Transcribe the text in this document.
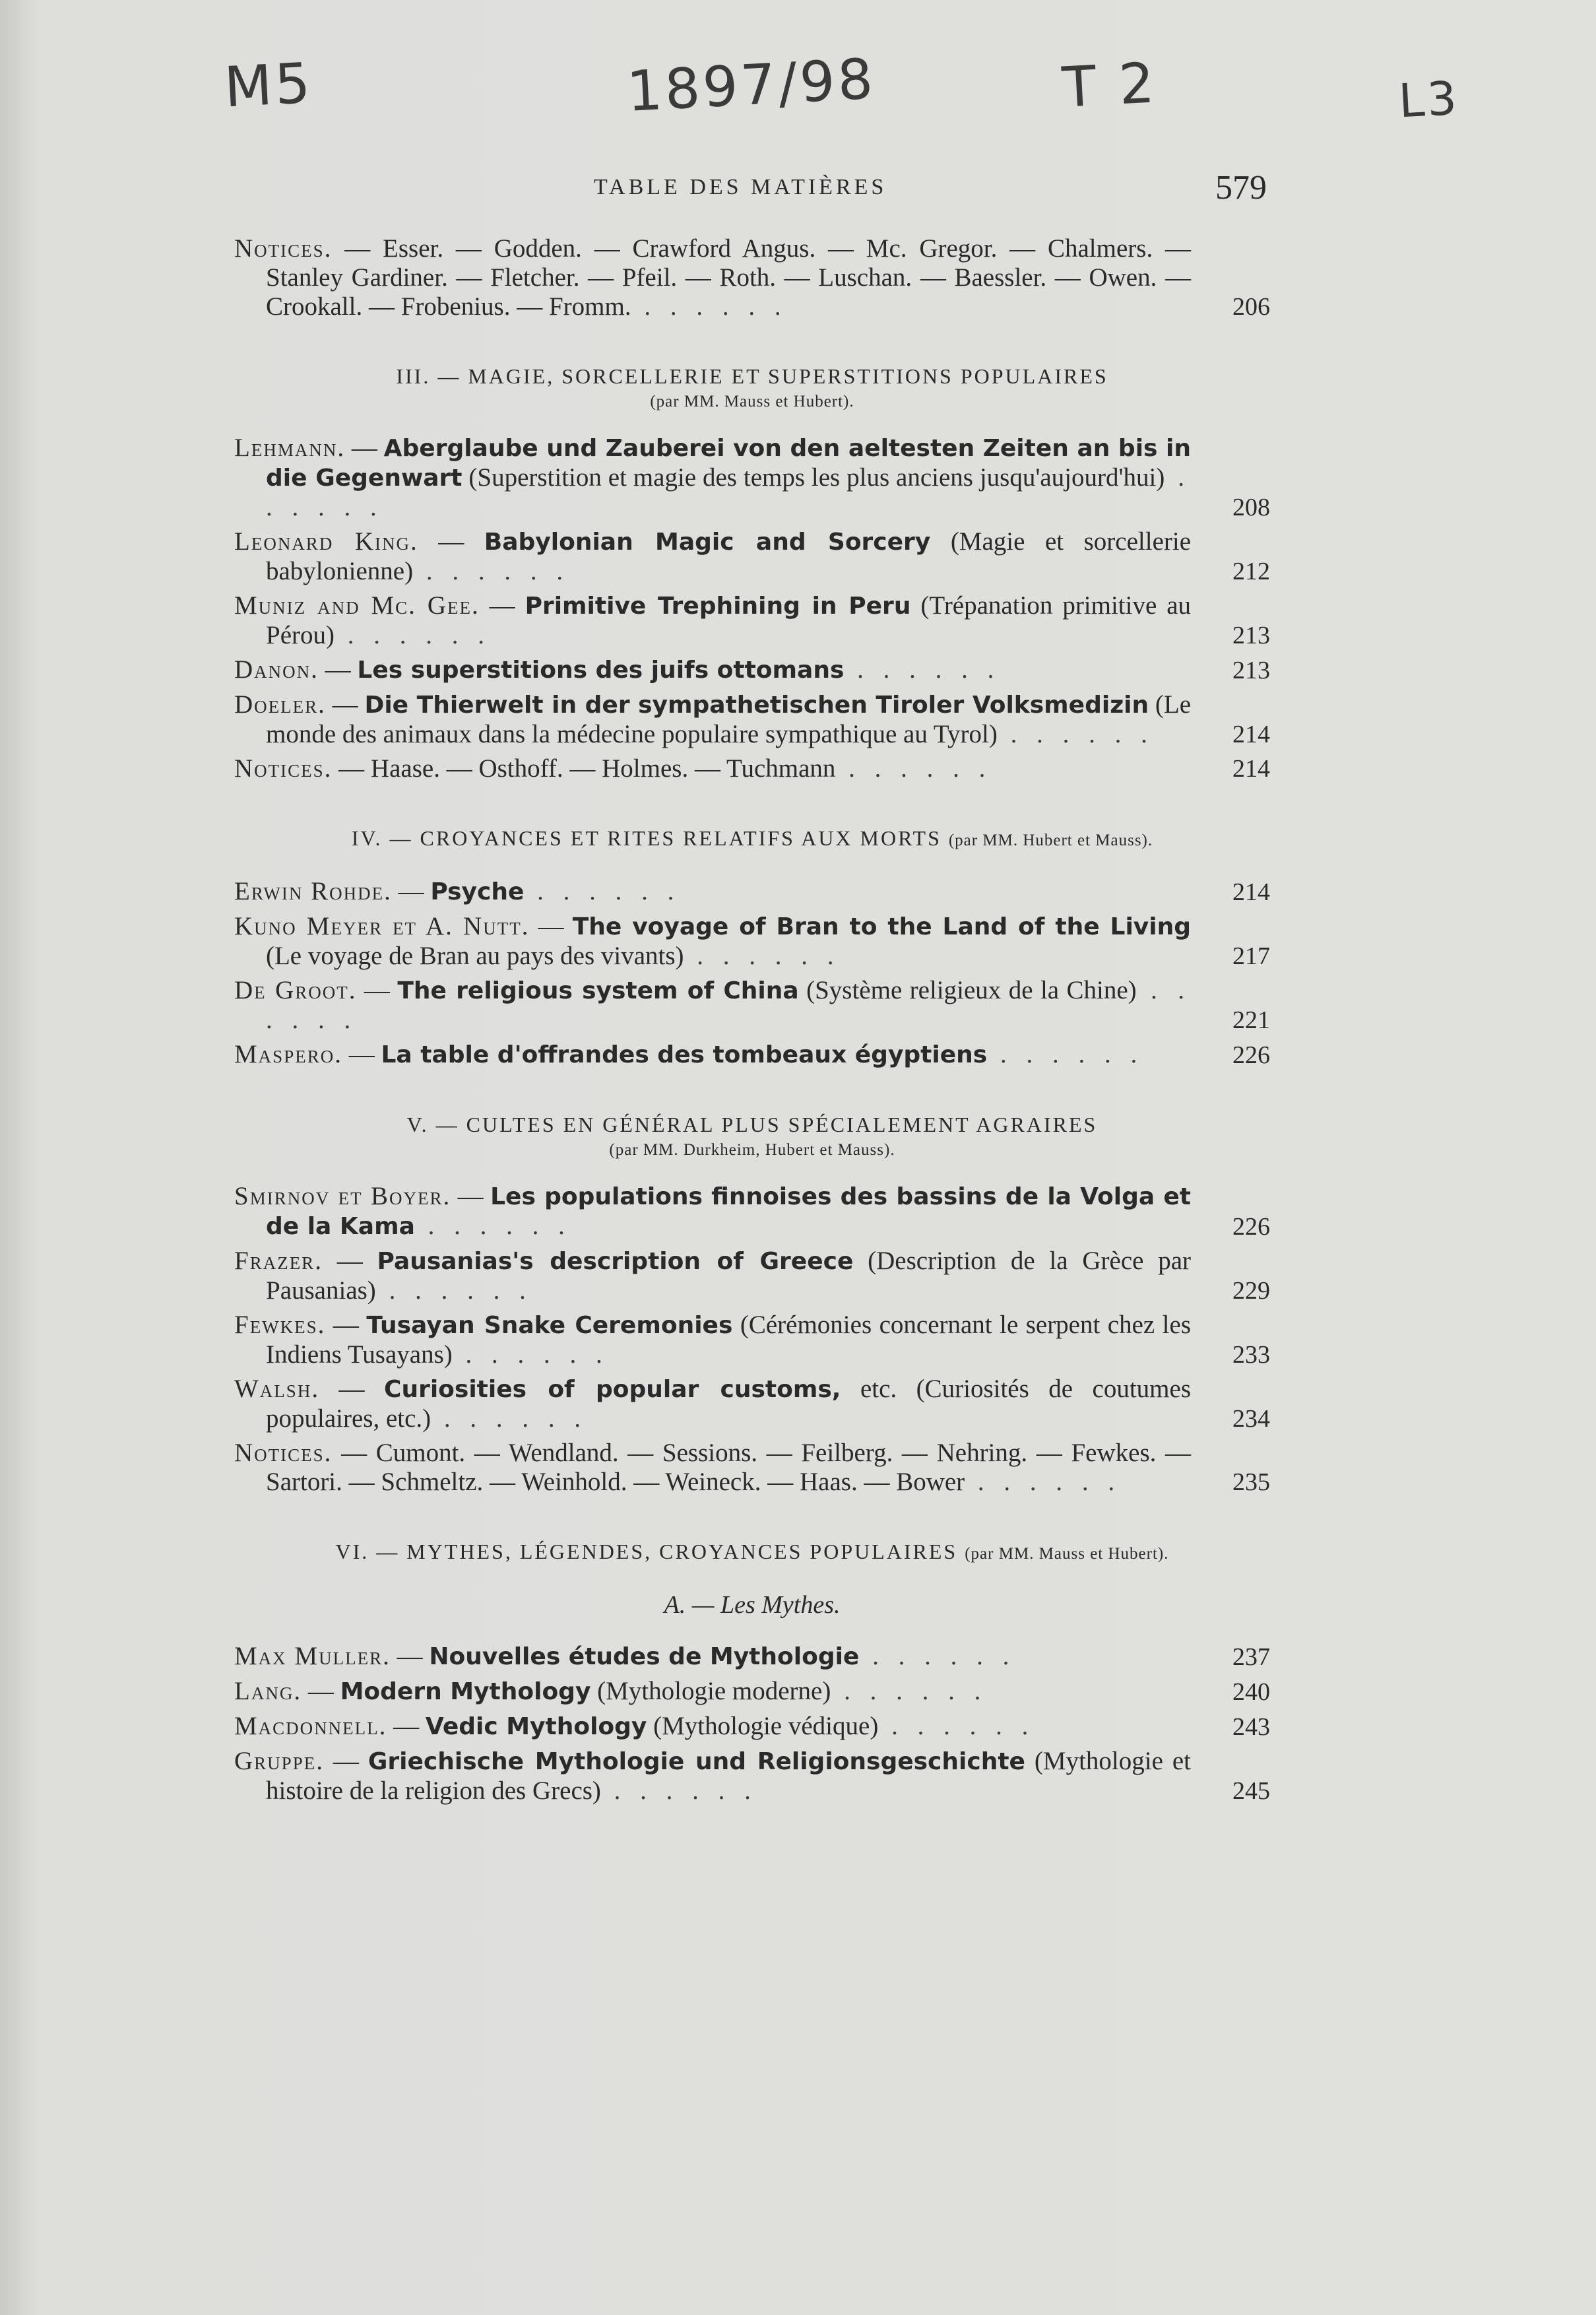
M5	1897/98	T 2	L3
TABLE DES MATIÈRES	579
Notices. — Esser. — Godden. — Crawford Angus. — Mc. Gregor. — Chalmers. — Stanley Gardiner. — Fletcher. — Pfeil. — Roth. — Luschan. — Baessler. — Owen. — Crookall. — Frobenius. — Fromm. . . . . . .	206
III. — MAGIE, SORCELLERIE ET SUPERSTITIONS POPULAIRES
(par MM. Mauss et Hubert).
Lehmann. — Aberglaube und Zauberei von den aeltesten Zeiten an bis in die Gegenwart (Superstition et magie des temps les plus anciens jusqu'aujourd'hui) . . . . . .	208
Leonard King. — Babylonian Magic and Sorcery (Magie et sorcellerie babylonienne) . . . . . .	212
Muniz and Mc. Gee. — Primitive Trephining in Peru (Trépanation primitive au Pérou) . . . . . .	213
Danon. — Les superstitions des juifs ottomans . . . . . .	213
Doeler. — Die Thierwelt in der sympathetischen Tiroler Volksmedizin (Le monde des animaux dans la médecine populaire sympathique au Tyrol) . . . . . .	214
Notices. — Haase. — Osthoff. — Holmes. — Tuchmann . . . . . .	214
IV. — CROYANCES ET RITES RELATIFS AUX MORTS (par MM. Hubert et Mauss).
Erwin Rohde. — Psyche . . . . . .	214
Kuno Meyer et A. Nutt. — The voyage of Bran to the Land of the Living (Le voyage de Bran au pays des vivants) . . . . . .	217
De Groot. — The religious system of China (Système religieux de la Chine) . . . . . .	221
Maspero. — La table d'offrandes des tombeaux égyptiens . . . . . .	226
V. — CULTES EN GÉNÉRAL PLUS SPÉCIALEMENT AGRAIRES
(par MM. Durkheim, Hubert et Mauss).
Smirnov et Boyer. — Les populations finnoises des bassins de la Volga et de la Kama . . . . . .	226
Frazer. — Pausanias's description of Greece (Description de la Grèce par Pausanias) . . . . . .	229
Fewkes. — Tusayan Snake Ceremonies (Cérémonies concernant le serpent chez les Indiens Tusayans) . . . . . .	233
Walsh. — Curiosities of popular customs, etc. (Curiosités de coutumes populaires, etc.) . . . . . .	234
Notices. — Cumont. — Wendland. — Sessions. — Feilberg. — Nehring. — Fewkes. — Sartori. — Schmeltz. — Weinhold. — Weineck. — Haas. — Bower . . . . . .	235
VI. — MYTHES, LÉGENDES, CROYANCES POPULAIRES (par MM. Mauss et Hubert).
A. — Les Mythes.
Max Muller. — Nouvelles études de Mythologie . . . . . .	237
Lang. — Modern Mythology (Mythologie moderne) . . . . . .	240
Macdonnell. — Vedic Mythology (Mythologie védique) . . . . . .	243
Gruppe. — Griechische Mythologie und Religionsgeschichte (Mythologie et histoire de la religion des Grecs) . . . . . .	245
